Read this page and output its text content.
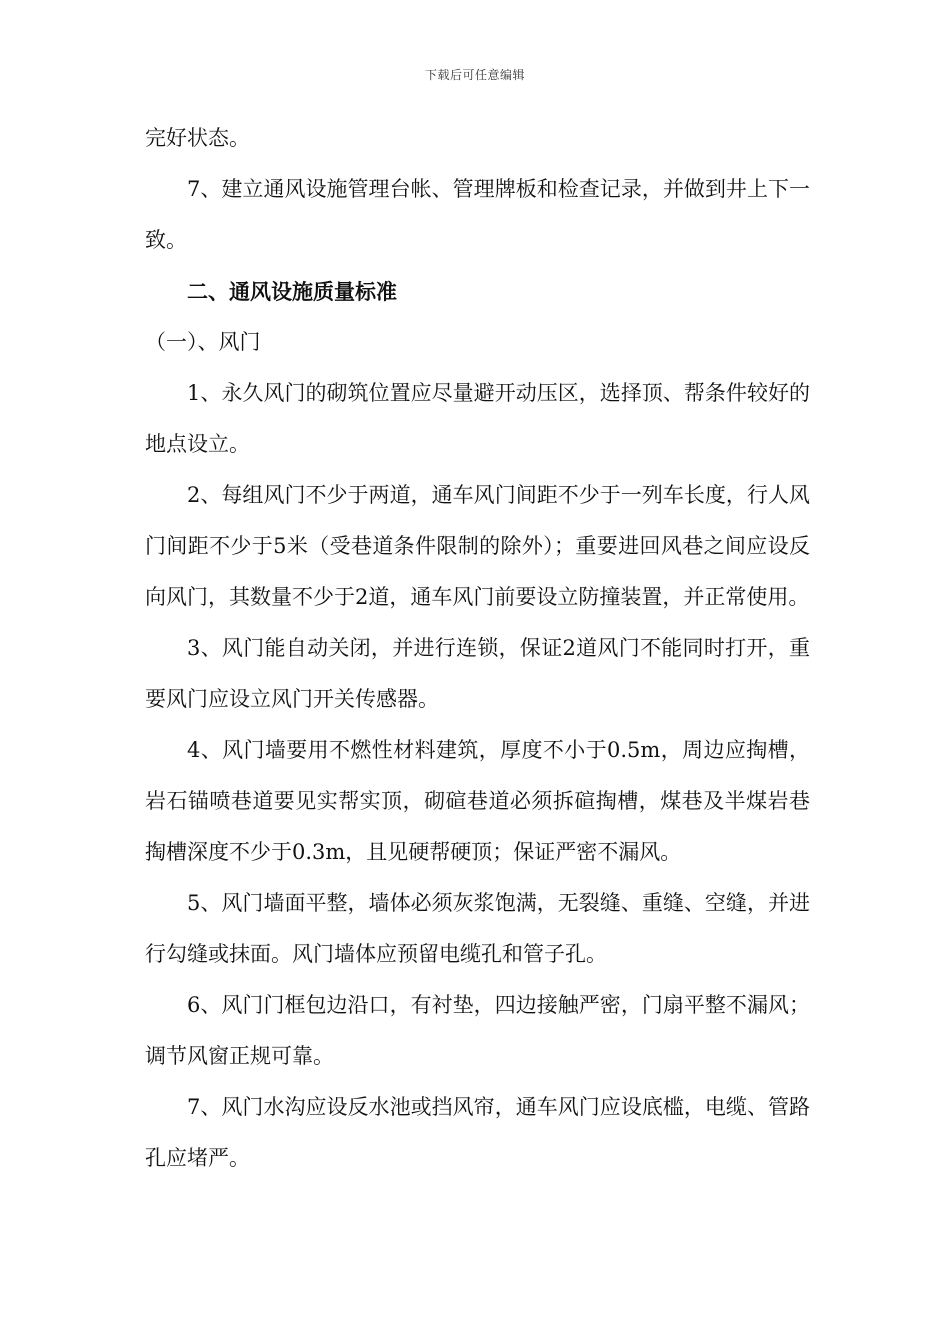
下载后可任意编辑

完好状态。

7、建立通风设施管理台帐、管理牌板和检查记录，并做到井上下一致。

二、通风设施质量标准

（一）、风门

1、永久风门的砌筑位置应尽量避开动压区，选择顶、帮条件较好的地点设立。

2、每组风门不少于两道，通车风门间距不少于一列车长度，行人风门间距不少于5米（受巷道条件限制的除外）；重要进回风巷之间应设反向风门，其数量不少于2道，通车风门前要设立防撞装置，并正常使用。

3、风门能自动关闭，并进行连锁，保证2道风门不能同时打开，重要风门应设立风门开关传感器。

4、风门墙要用不燃性材料建筑，厚度不小于0.5m，周边应掏槽，岩石锚喷巷道要见实帮实顶，砌碹巷道必须拆碹掏槽，煤巷及半煤岩巷掏槽深度不少于0.3m，且见硬帮硬顶；保证严密不漏风。

5、风门墙面平整，墙体必须灰浆饱满，无裂缝、重缝、空缝，并进行勾缝或抹面。风门墙体应预留电缆孔和管子孔。

6、风门门框包边沿口，有衬垫，四边接触严密，门扇平整不漏风；调节风窗正规可靠。

7、风门水沟应设反水池或挡风帘，通车风门应设底槛，电缆、管路孔应堵严。
